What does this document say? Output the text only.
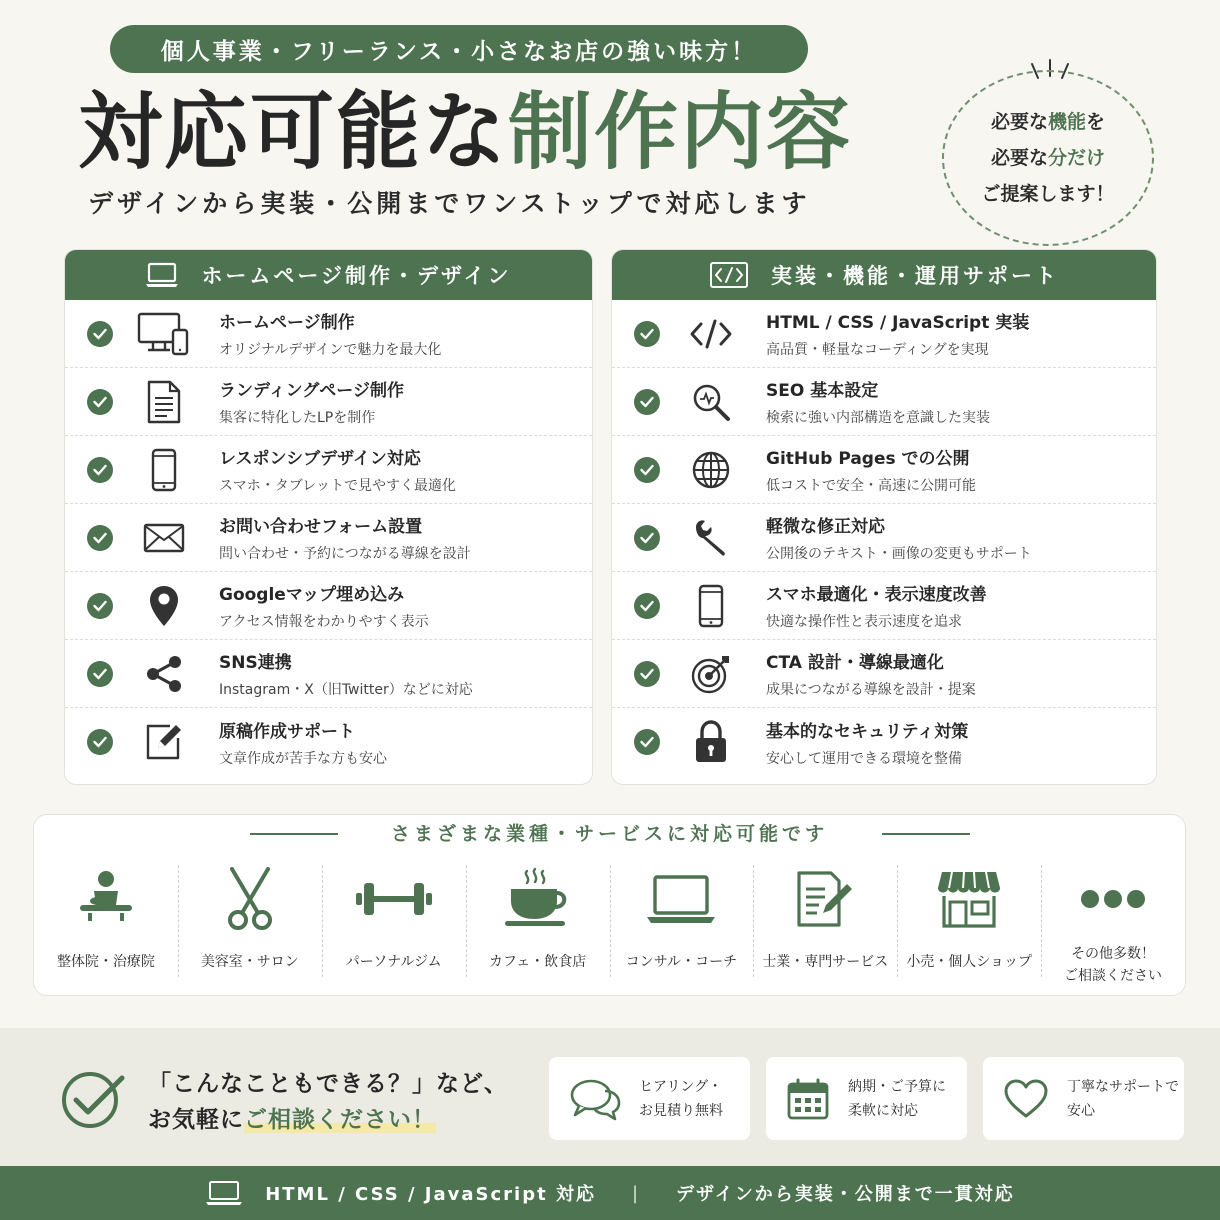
個人事業・フリーランス・小さなお店の強い味方！
対応可能な制作内容
デザインから実装・公開までワンストップで対応します
必要な機能を
必要な分だけ
ご提案します！
ホームページ制作・デザイン
ホームページ制作
オリジナルデザインで魅力を最大化
ランディングページ制作
集客に特化したLPを制作
レスポンシブデザイン対応
スマホ・タブレットで見やすく最適化
お問い合わせフォーム設置
問い合わせ・予約につながる導線を設計
Googleマップ埋め込み
アクセス情報をわかりやすく表示
SNS連携
Instagram・X（旧Twitter）などに対応
原稿作成サポート
文章作成が苦手な方も安心
実装・機能・運用サポート
HTML / CSS / JavaScript 実装
高品質・軽量なコーディングを実現
SEO 基本設定
検索に強い内部構造を意識した実装
GitHub Pages での公開
低コストで安全・高速に公開可能
軽微な修正対応
公開後のテキスト・画像の変更もサポート
スマホ最適化・表示速度改善
快適な操作性と表示速度を追求
CTA 設計・導線最適化
成果につながる導線を設計・提案
基本的なセキュリティ対策
安心して運用できる環境を整備
さまざまな業種・サービスに対応可能です
整体院・治療院	美容室・サロン	パーソナルジム	カフェ・飲食店	コンサル・コーチ 士業・専門サービス 小売・個人ショップ	その他多数！
ご相談ください
「こんなこともできる？」など、
お気軽にご相談ください！
ヒアリング・
お見積り無料
納期・ご予算に
柔軟に対応
丁寧なサポートで
安心
HTML / CSS / JavaScript 対応 | デザインから実装・公開まで一貫対応
